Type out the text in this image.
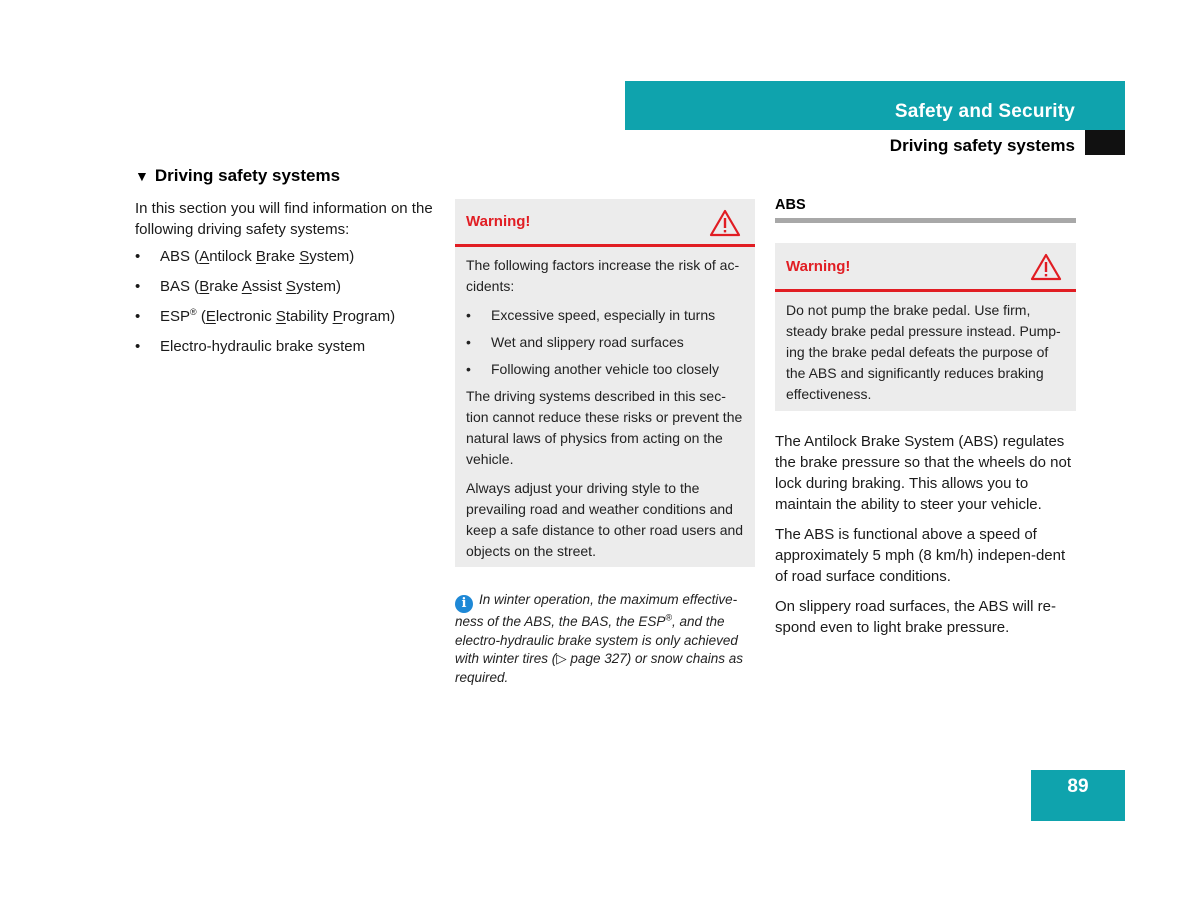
Safety and Security
Driving safety systems
▼ Driving safety systems

In this section you will find information on the following driving safety systems:

•	ABS (Antilock Brake System)
•	BAS (Brake Assist System)
•	ESP® (Electronic Stability Program)
•	Electro-hydraulic brake system
Warning!

The following factors increase the risk of ac-cidents:

•	Excessive speed, especially in turns
•	Wet and slippery road surfaces
•	Following another vehicle too closely

The driving systems described in this sec-tion cannot reduce these risks or prevent the natural laws of physics from acting on the vehicle.

Always adjust your driving style to the prevailing road and weather conditions and keep a safe distance to other road users and objects on the street.

i In winter operation, the maximum effective-ness of the ABS, the BAS, the ESP®, and the electro-hydraulic brake system is only achieved with winter tires (▷ page 327) or snow chains as required.
ABS
Warning!

Do not pump the brake pedal. Use firm, steady brake pedal pressure instead. Pump-ing the brake pedal defeats the purpose of the ABS and significantly reduces braking effectiveness.

The Antilock Brake System (ABS) regulates the brake pressure so that the wheels do not lock during braking. This allows you to maintain the ability to steer your vehicle.

The ABS is functional above a speed of approximately 5 mph (8 km/h) indepen-dent of road surface conditions.

On slippery road surfaces, the ABS will re-spond even to light brake pressure.

89
